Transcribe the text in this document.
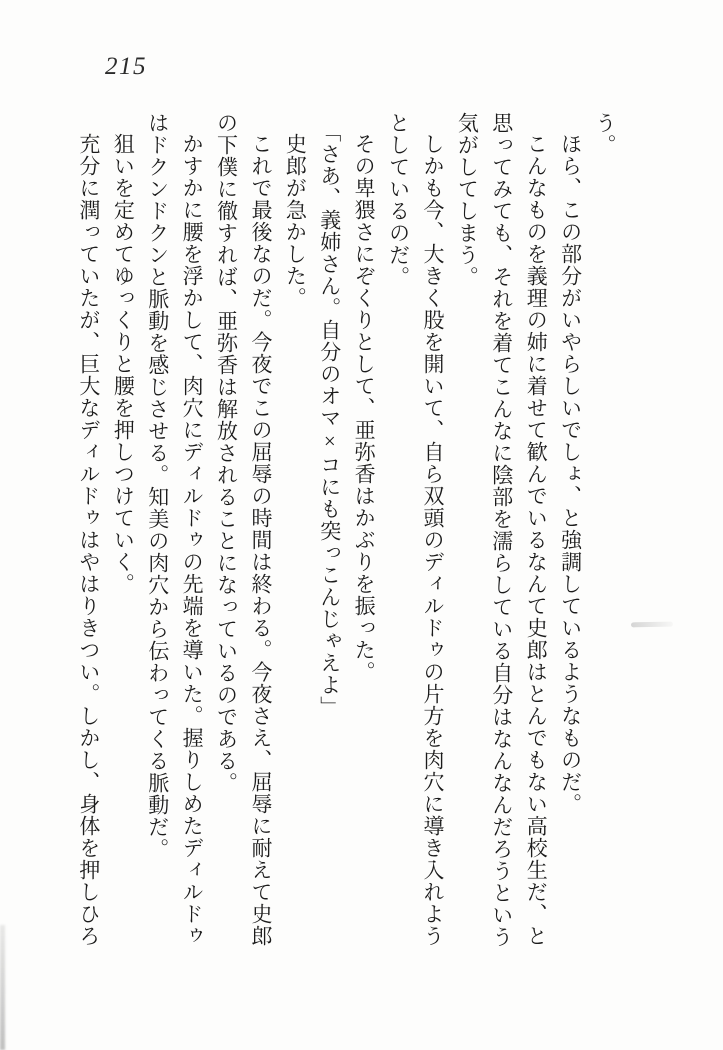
215

う。

ほら、この部分がいやらしいでしょ、と強調しているようなものだ。

こんなものを義理の姉に着せて歓んでいるなんて史郎はとんでもない高校生だ、と思ってみても、それを着てこんなに陰部を濡らしている自分はなんなんだろうという気がしてしまう。

しかも今、大きく股を開いて、自ら双頭のディルドゥの片方を肉穴に導き入れようとしているのだ。

その卑猥さにぞくりとして、亜弥香はかぶりを振った。

「さあ、義姉さん。自分のオマ×コにも突っこんじゃえよ」

史郎が急かした。

これで最後なのだ。今夜でこの屈辱の時間は終わる。今夜さえ、屈辱に耐えて史郎の下僕に徹すれば、亜弥香は解放されることになっているのである。

かすかに腰を浮かして、肉穴にディルドゥの先端を導いた。握りしめたディルドゥはドクンドクンと脈動を感じさせる。知美の肉穴から伝わってくる脈動だ。

狙いを定めてゆっくりと腰を押しつけていく。

充分に潤っていたが、巨大なディルドゥはやはりきつい。しかし、身体を押しひろ
